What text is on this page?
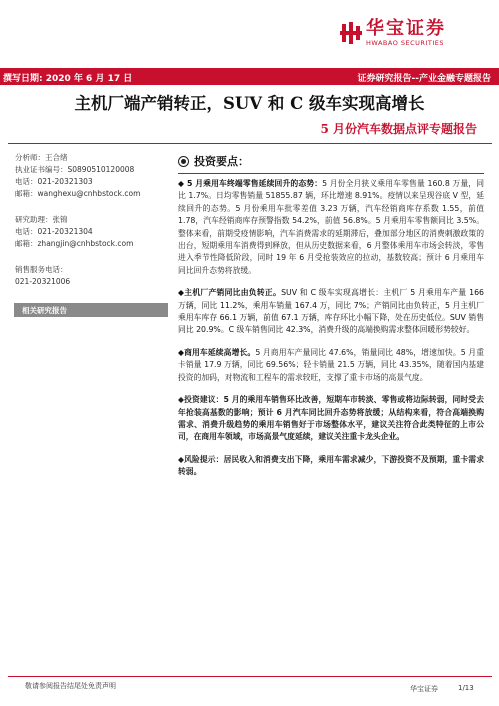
华宝证券
HWABAO SECURITIES
撰写日期: 2020 年 6 月 17 日	证券研究报告--产业金融专题报告
主机厂端产销转正，SUV 和 C 级车实现高增长
5 月份汽车数据点评专题报告
分析师：王合绪
执业证书编号：S0890510120008
电话：021-20321303
邮箱：wanghexu@cnhbstock.com
研究助理：张锦
电话：021-20321304
邮箱：zhangjin@cnhbstock.com
销售服务电话：
021-20321006
相关研究报告
投资要点：
◆ 5 月乘用车终端零售延续回升的态势：5 月份全月狭义乘用车零售量 160.8 万量，同比 1.7%。日均零售销量 51855.87 辆，环比增速 8.91%。疫情以来呈现谷底 V 型，延续回升的态势。5 月份乘用车批零差值 3.23 万辆，汽车经销商库存系数 1.55，前值 1.78，汽车经销商库存预警指数 54.2%，前值 56.8%。5 月乘用车零售额同比 3.5%。整体来看，前期受疫情影响，汽车消费需求的延期滞后，叠加部分地区的消费刺激政策的出台，短期乘用车消费得到释放，但从历史数据来看，6 月整体乘用车市场会转淡，零售进入季节性降低阶段，同时 19 年 6 月受抢装效应的拉动，基数较高；预计 6 月乘用车同比回升态势将放缓。
◆主机厂产销同比由负转正。SUV 和 C 级车实现高增长：主机厂 5 月乘用车产量 166 万辆，同比 11.2%，乘用车销量 167.4 万，同比 7%；产销同比由负转正，5 月主机厂乘用车库存 66.1 万辆，前值 67.1 万辆，库存环比小幅下降，处在历史低位。SUV 销售同比 20.9%。C 级车销售同比 42.3%，消费升级的高端换购需求整体回暖形势较好。
◆商用车延续高增长。5 月商用车产量同比 47.6%，销量同比 48%，增速加快。5 月重卡销量 17.9 万辆，同比 69.56%；轻卡销量 21.5 万辆，同比 43.35%，随着国内基建投资的加码，对物流和工程车的需求较旺，支撑了重卡市场的高景气度。
◆投资建议：5 月的乘用车销售环比改善，短期车市转淡、零售或将边际转弱，同时受去年抢装高基数的影响；预计 6 月汽车同比回升态势将放缓；从结构来看，符合高端换购需求、消费升级趋势的乘用车销售好于市场整体水平，建议关注符合此类特征的上市公司，在商用车领域，市场高景气度延续，建议关注重卡龙头企业。
◆风险提示：居民收入和消费支出下降，乘用车需求减少，下游投资不及预期，重卡需求转弱。
敬请参阅报告结尾处免责声明	华宝证券	1/13
